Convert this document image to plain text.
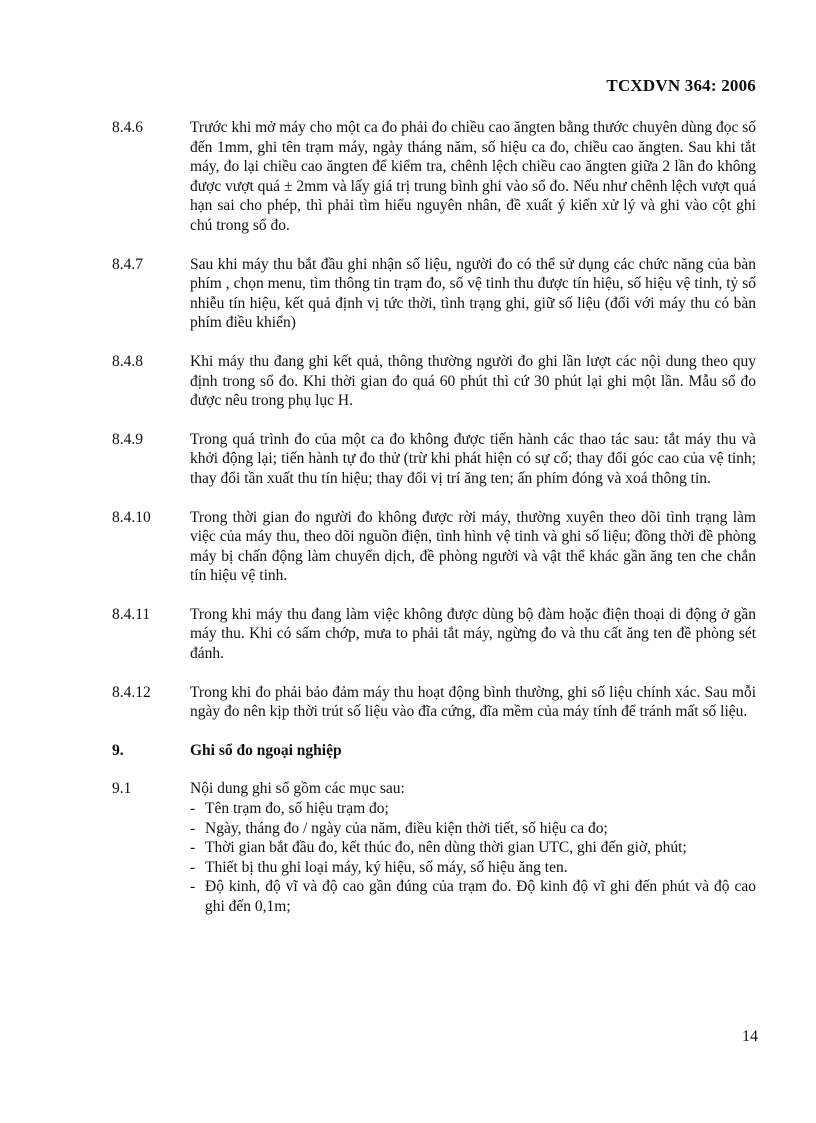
TCXDVN 364: 2006
8.4.6	Trước khi mở máy cho một ca đo phải đo chiều cao ăngten bằng thước chuyên dùng đọc số đến 1mm, ghi tên trạm máy, ngày tháng năm, số hiệu ca đo, chiều cao ăngten. Sau khi tắt máy, đo lại chiều cao ăngten để kiểm tra, chênh lệch chiều cao ăngten giữa 2 lần đo không được vượt quá ± 2mm và lấy giá trị trung bình ghi vào sổ đo. Nếu như chênh lệch vượt quá hạn sai cho phép, thì phải tìm hiểu nguyên nhân, đề xuất ý kiến xử lý và ghi vào cột ghi chú trong sổ đo.
8.4.7	Sau khi máy thu bắt đầu ghi nhận số liệu, người đo có thể sử dụng các chức năng của bàn phím , chọn menu, tìm thông tin trạm đo, số vệ tinh thu được tín hiệu, số hiệu vệ tinh, tỷ số nhiễu tín hiệu, kết quả định vị tức thời, tình trạng ghi, giữ số liệu (đối với máy thu có bàn phím điều khiển)
8.4.8	Khi máy thu đang ghi kết quả, thông thường người đo ghi lần lượt các nội dung theo quy định trong sổ đo. Khi thời gian đo quá 60 phút thì cứ 30 phút lại ghi một lần. Mẫu sổ đo được nêu trong phụ lục H.
8.4.9	Trong quá trình đo của một ca đo không được tiến hành các thao tác sau: tắt máy thu và khởi động lại; tiến hành tự đo thử (trừ khi phát hiện có sự cố; thay đổi góc cao của vệ tinh; thay đổi tần xuất thu tín hiệu; thay đổi vị trí ăng ten; ấn phím đóng và xoá thông tin.
8.4.10	Trong thời gian đo người đo không được rời máy, thường xuyên theo dõi tình trạng làm việc của máy thu, theo dõi nguồn điện, tình hình vệ tinh và ghi số liệu; đồng thời đề phòng máy bị chấn động làm chuyển dịch, đề phòng người và vật thể khác gần ăng ten che chắn tín hiệu vệ tinh.
8.4.11	Trong khi máy thu đang làm việc không được dùng bộ đàm hoặc điện thoại di động ở gần máy thu. Khi có sấm chớp, mưa to phải tắt máy, ngừng đo và thu cất ăng ten đề phòng sét đánh.
8.4.12	Trong khi đo phải bảo đảm máy thu hoạt động bình thường, ghi số liệu chính xác. Sau mỗi ngày đo nên kịp thời trút số liệu vào đĩa cứng, đĩa mềm của máy tính để tránh mất số liệu.
9.	Ghi sổ đo ngoại nghiệp
9.1	Nội dung ghi sổ gồm các mục sau:
- Tên trạm đo, số hiệu trạm đo;
- Ngày, tháng đo / ngày của năm, điều kiện thời tiết, số hiệu ca đo;
- Thời gian bắt đầu đo, kết thúc đo, nên dùng thời gian UTC, ghi đến giờ, phút;
- Thiết bị thu ghi loại máy, ký hiệu, số máy, số hiệu ăng ten.
- Độ kinh, độ vĩ và độ cao gần đúng của trạm đo. Độ kinh độ vĩ ghi đến phút và độ cao ghi đến 0,1m;
14
